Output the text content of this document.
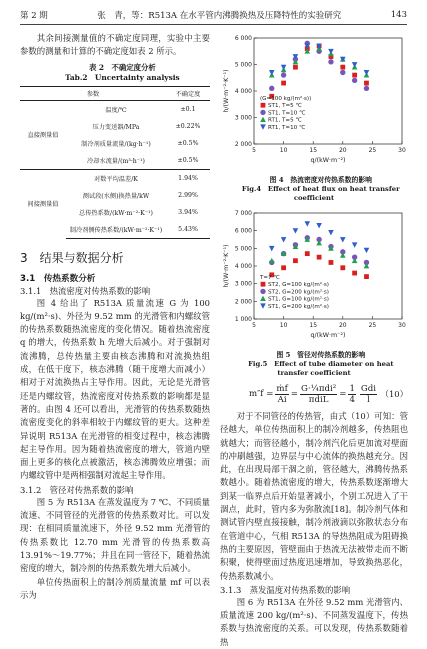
第 2 期	张　青，等：R513A 在水平管内沸腾换热及压降特性的实验研究	143

其余间接测量值的不确定度同理，实验中主要参数的测量和计算的不确定度如表 2 所示。

表 2　不确定度分析

Tab.2　Uncertainty analysis

参数		不确定度
直接测量值	温度/℃	±0.1
	压力变送器/MPa	±0.22%
	制冷剂质量流量/(kg·h⁻¹)	±0.5%
	冷却水流量/(m³·h⁻¹)	±0.5%
间接测量值	对数平均温差/K	1.94%
	测试段(水侧)换热量/kW	2.99%
	总传热系数/(kW·m⁻²·K⁻¹)	3.94%
	制冷剂侧传热系数/(kW·m⁻²·K⁻¹)	5.43%
3　结果与数据分析
3.1　传热系数分析
3.1.1　热流密度对传热系数的影响

图 4 给出了 R513A 质量流速 G 为 100 kg/(m²·s)、外径为 9.52 mm 的光滑管和内螺纹管的传热系数随热流密度的变化情况。随着热流密度 q 的增大，传热系数 h 先增大后减小。对于强制对流沸腾，总传热量主要由核态沸腾和对流换热组成，在低干度下，核态沸腾（随干度增大而减小）相对于对流换热占主导作用。因此，无论是光滑管还是内螺纹管，热流密度对传热系数的影响都是显著的。由图 4 还可以看出，光滑管的传热系数随热流密度变化的斜率相较于内螺纹管的更大。这种差异说明 R513A 在光滑管的相变过程中，核态沸腾起主导作用。因为随着热流密度的增大，管道内壁面上更多的核化点被激活，核态沸腾效应增强；而内螺纹管中是两相强制对流起主导作用。

3.1.2　管径对传热系数的影响

图 5 为 R513A 在蒸发温度为 7 ℃、不同质量流速、不同管径的光滑管的传热系数对比。可以发现：在相同质量流速下，外径 9.52 mm 光滑管的传热系数比 12.70 mm 光滑管的传热系数高 13.91%～19.77%；并且在同一管径下，随着热流密度的增大，制冷剂的传热系数先增大后减小。

单位传热面积上的制冷剂质量流量 mf 可以表示为

5	10	15	20	25	30
2 000
3 000
4 000
5 000
6 000
q/(kW·m⁻²)
h/(W·m⁻²·K⁻¹)	(G=100 kg/(m²·s))
ST1, T=5 ℃
ST1, T=10 ℃
RT1, T=5 ℃
RT1, T=10 ℃

图 4　热流密度对传热系数的影响

Fig.4　Effect of heat flux on heat transfer coefficient

5	10	15	20	25	30
1 000
2 000
3 000
4 000
5 000
6 000
7 000
q/(kW·m⁻²)
h/(W·m⁻²·K⁻¹)	T=7 ℃
ST2, G=100 kg/(m²·s)
ST2, G=200 kg/(m²·s)
ST1, G=100 kg/(m²·s)
ST1, G=200 kg/(m²·s)

图 5　管径对传热系数的影响

Fig.5　Effect of tube diameter on heat transfer coefficient

$m''f = \frac{\text{ṁf}}{Ai} = \frac{\text{G·¼πdi²}}{\text{πdiL}} = \frac{1}{4} \frac{\text{Gdi}}{l} (10)$

对于不同管径的传热管，由式（10）可知：管径越大，单位传热面积上的制冷剂越多，传热阻也就越大；而管径越小，制冷剂汽化后更加流对壁面的冲刷越强，边界层与中心流体的换热越充分。因此，在出现局部干涸之前，管径越大，沸腾传热系数越小。随着热流密度的增大，传热系数逐渐增大到某一临界点后开始显著减小，个别工况进入了干涸点，此时，管内多为弥散流[18]。制冷剂气体和测试管内壁直接接触，制冷剂液滴以弥散状态分布在管道中心，气相 R513A 的导热热阻成为阻碍换热的主要原因，管壁面由于热流无法被带走而不断积聚，使得壁面过热度迅速增加，导致换热恶化，传热系数减小。

3.1.3　蒸发温度对传热系数的影响

图 6 为 R513A 在外径 9.52 mm 光滑管内、质量流速 200 kg/(m²·s)、不同蒸发温度下，传热系数与热流密度的关系。可以发现，传热系数随着热
